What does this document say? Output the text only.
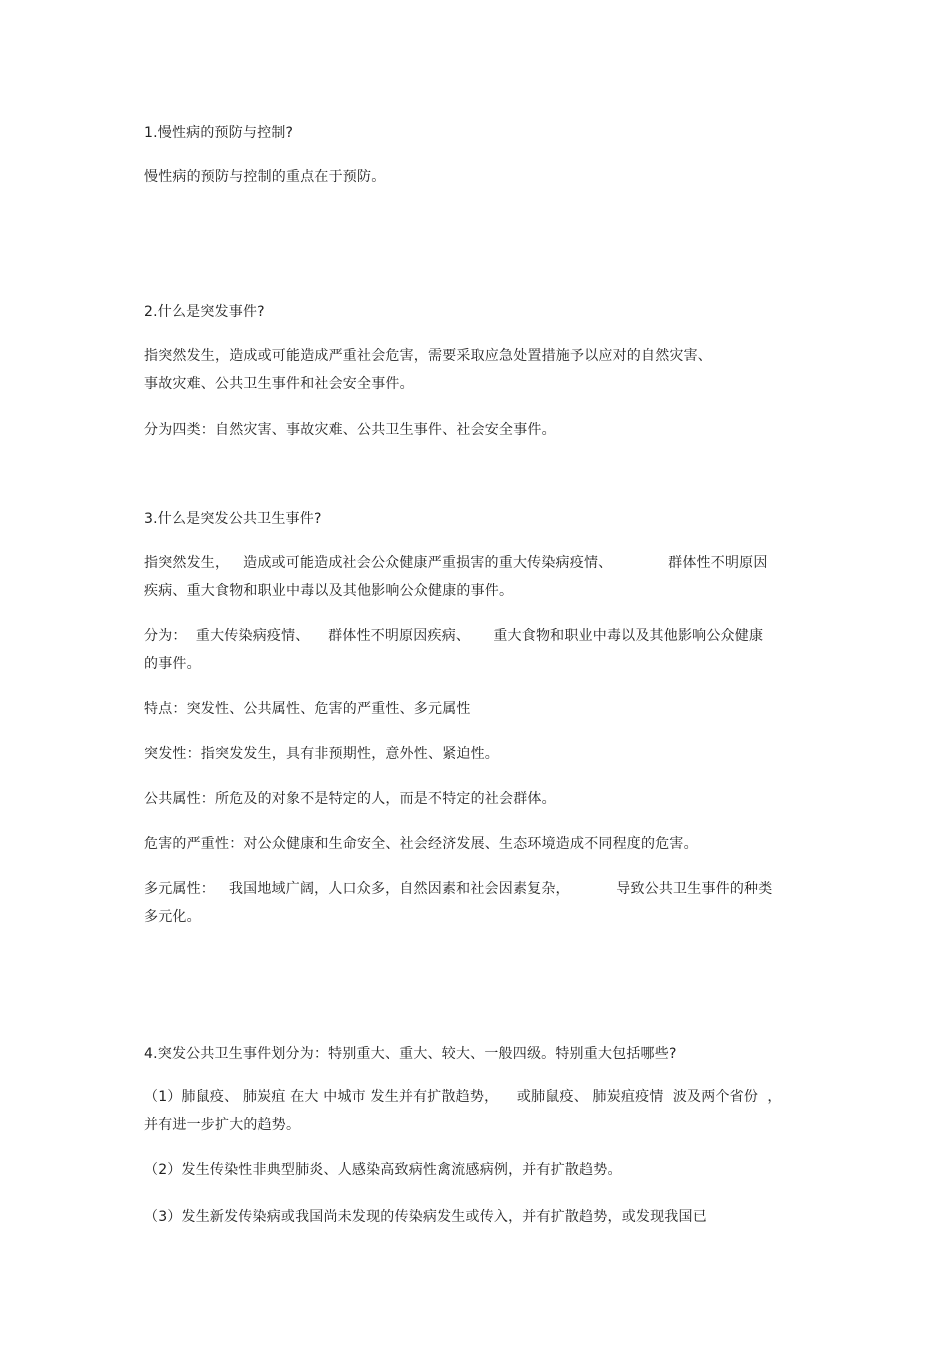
1.慢性病的预防与控制?

慢性病的预防与控制的重点在于预防。

2.什么是突发事件?

指突然发生，造成或可能造成严重社会危害，需要采取应急处置措施予以应对的自然灾害、

事故灾难、公共卫生事件和社会安全事件。

分为四类：自然灾害、事故灾难、公共卫生事件、社会安全事件。

3.什么是突发公共卫生事件?

指突然发生，   造成或可能造成社会公众健康严重损害的重大传染病疫情、            群体性不明原因

疾病、重大食物和职业中毒以及其他影响公众健康的事件。

分为：  重大传染病疫情、    群体性不明原因疾病、     重大食物和职业中毒以及其他影响公众健康

的事件。

特点：突发性、公共属性、危害的严重性、多元属性

突发性：指突发发生，具有非预期性，意外性、紧迫性。

公共属性：所危及的对象不是特定的人，而是不特定的社会群体。

危害的严重性：对公众健康和生命安全、社会经济发展、生态环境造成不同程度的危害。

多元属性：   我国地域广阔，人口众多，自然因素和社会因素复杂，          导致公共卫生事件的种类

多元化。

4.突发公共卫生事件划分为：特别重大、重大、较大、一般四级。特别重大包括哪些?

（1）肺鼠疫、 肺炭疽 在大 中城市 发生并有扩散趋势，    或肺鼠疫、 肺炭疽疫情  波及两个省份  ，

并有进一步扩大的趋势。

（2）发生传染性非典型肺炎、人感染高致病性禽流感病例，并有扩散趋势。

（3）发生新发传染病或我国尚未发现的传染病发生或传入，并有扩散趋势，或发现我国已
